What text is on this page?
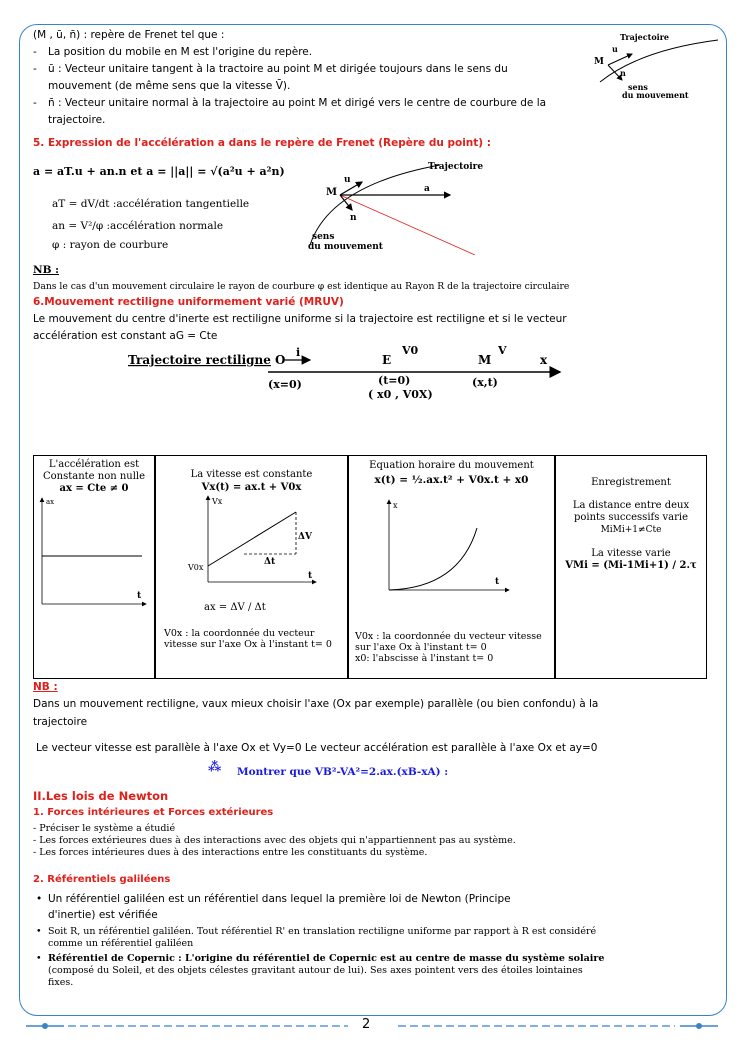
(M , ū, n̄) : repère de Frenet tel que :
- La position du mobile en M est l'origine du repère.
- ū : Vecteur unitaire tangent à la tractoire au point M et dirigée toujours dans le sens du
mouvement (de même sens que la vitesse V̄).
- n̄ : Vecteur unitaire normal à la trajectoire au point M et dirigé vers le centre de courbure de la
trajectoire.
Trajectoire
M
u
n
sens
du mouvement
5. Expression de l'accélération a dans le repère de Frenet (Repère du point) :
a = aT.u + an.n et a = ||a|| = √(a²u + a²n)
aT = dV/dt :accélération tangentielle
an = V²/φ :accélération normale
φ : rayon de courbure
Trajectoire
M
u
a
n
sens
du mouvement
NB :
Dans le cas d'un mouvement circulaire le rayon de courbure φ est identique au Rayon R de la trajectoire circulaire
6.Mouvement rectiligne uniformement varié (MRUV)
Le mouvement du centre d'inerte est rectiligne uniforme si la trajectoire est rectiligne et si le vecteur
accélération est constant aG = Cte
Trajectoire rectiligne O
i
(x=0)
E
V0
(t=0)
( x0 , V0X)
M
V
(x,t)
x
L'accélération est
Constante non nulle
ax = Cte ≠ 0
ax
t
La vitesse est constante
Vx(t) = ax.t + V0x
Vx
t
V0x
ΔV
Δt
ax = ΔV / Δt
V0x : la coordonnée du vecteur
vitesse sur l'axe Ox à l'instant t= 0
Equation horaire du mouvement
x(t) = ½.ax.t² + V0x.t + x0
x
t
V0x : la coordonnée du vecteur vitesse
sur l'axe Ox à l'instant t= 0
x0: l'abscisse à l'instant t= 0
Enregistrement
La distance entre deux
points successifs varie
MiMi+1≠Cte
La vitesse varie
VMi = (Mi-1Mi+1) / 2.τ
NB :
Dans un mouvement rectiligne, vaux mieux choisir l'axe (Ox par exemple) parallèle (ou bien confondu) à la
trajectoire
Le vecteur vitesse est parallèle à l'axe Ox et Vy=0 Le vecteur accélération est parallèle à l'axe Ox et ay=0
⁂ Montrer que VB²-VA²=2.ax.(xB-xA) :
II.Les lois de Newton
1. Forces intérieures et Forces extérieures
- Préciser le système a étudié
- Les forces extérieures dues à des interactions avec des objets qui n'appartiennent pas au système.
- Les forces intérieures dues à des interactions entre les constituants du système.
2. Référentiels galiléens
• Un référentiel galiléen est un référentiel dans lequel la première loi de Newton (Principe
d'inertie) est vérifiée
• Soit R, un référentiel galiléen. Tout référentiel R' en translation rectiligne uniforme par rapport à R est considéré
comme un référentiel galiléen
• Référentiel de Copernic : L'origine du référentiel de Copernic est au centre de masse du système solaire
(composé du Soleil, et des objets célestes gravitant autour de lui). Ses axes pointent vers des étoiles lointaines
fixes.
2
